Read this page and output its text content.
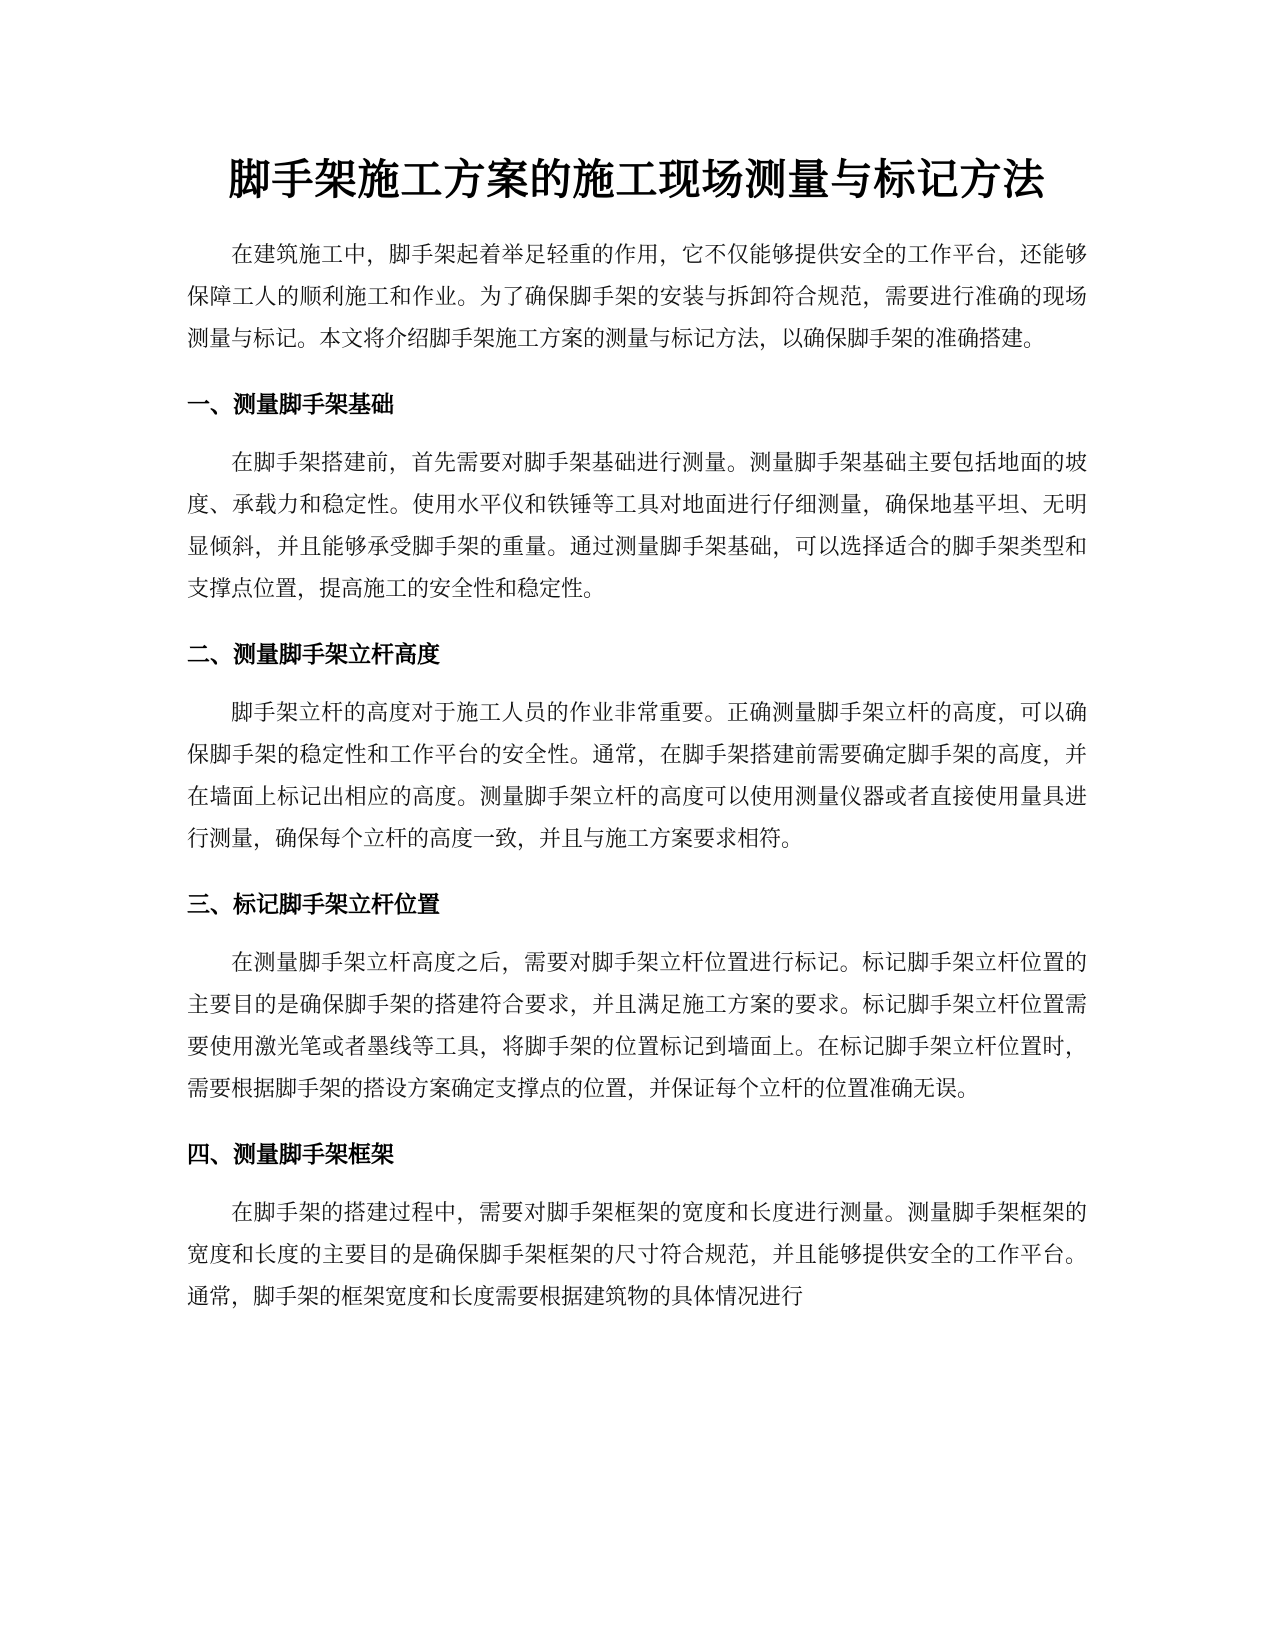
脚手架施工方案的施工现场测量与标记方法

在建筑施工中，脚手架起着举足轻重的作用，它不仅能够提供安全的工作平台，还能够保障工人的顺利施工和作业。为了确保脚手架的安装与拆卸符合规范，需要进行准确的现场测量与标记。本文将介绍脚手架施工方案的测量与标记方法，以确保脚手架的准确搭建。

一、测量脚手架基础

在脚手架搭建前，首先需要对脚手架基础进行测量。测量脚手架基础主要包括地面的坡度、承载力和稳定性。使用水平仪和铁锤等工具对地面进行仔细测量，确保地基平坦、无明显倾斜，并且能够承受脚手架的重量。通过测量脚手架基础，可以选择适合的脚手架类型和支撑点位置，提高施工的安全性和稳定性。

二、测量脚手架立杆高度

脚手架立杆的高度对于施工人员的作业非常重要。正确测量脚手架立杆的高度，可以确保脚手架的稳定性和工作平台的安全性。通常，在脚手架搭建前需要确定脚手架的高度，并在墙面上标记出相应的高度。测量脚手架立杆的高度可以使用测量仪器或者直接使用量具进行测量，确保每个立杆的高度一致，并且与施工方案要求相符。

三、标记脚手架立杆位置

在测量脚手架立杆高度之后，需要对脚手架立杆位置进行标记。标记脚手架立杆位置的主要目的是确保脚手架的搭建符合要求，并且满足施工方案的要求。标记脚手架立杆位置需要使用激光笔或者墨线等工具，将脚手架的位置标记到墙面上。在标记脚手架立杆位置时，需要根据脚手架的搭设方案确定支撑点的位置，并保证每个立杆的位置准确无误。

四、测量脚手架框架

在脚手架的搭建过程中，需要对脚手架框架的宽度和长度进行测量。测量脚手架框架的宽度和长度的主要目的是确保脚手架框架的尺寸符合规范，并且能够提供安全的工作平台。通常，脚手架的框架宽度和长度需要根据建筑物的具体情况进行
